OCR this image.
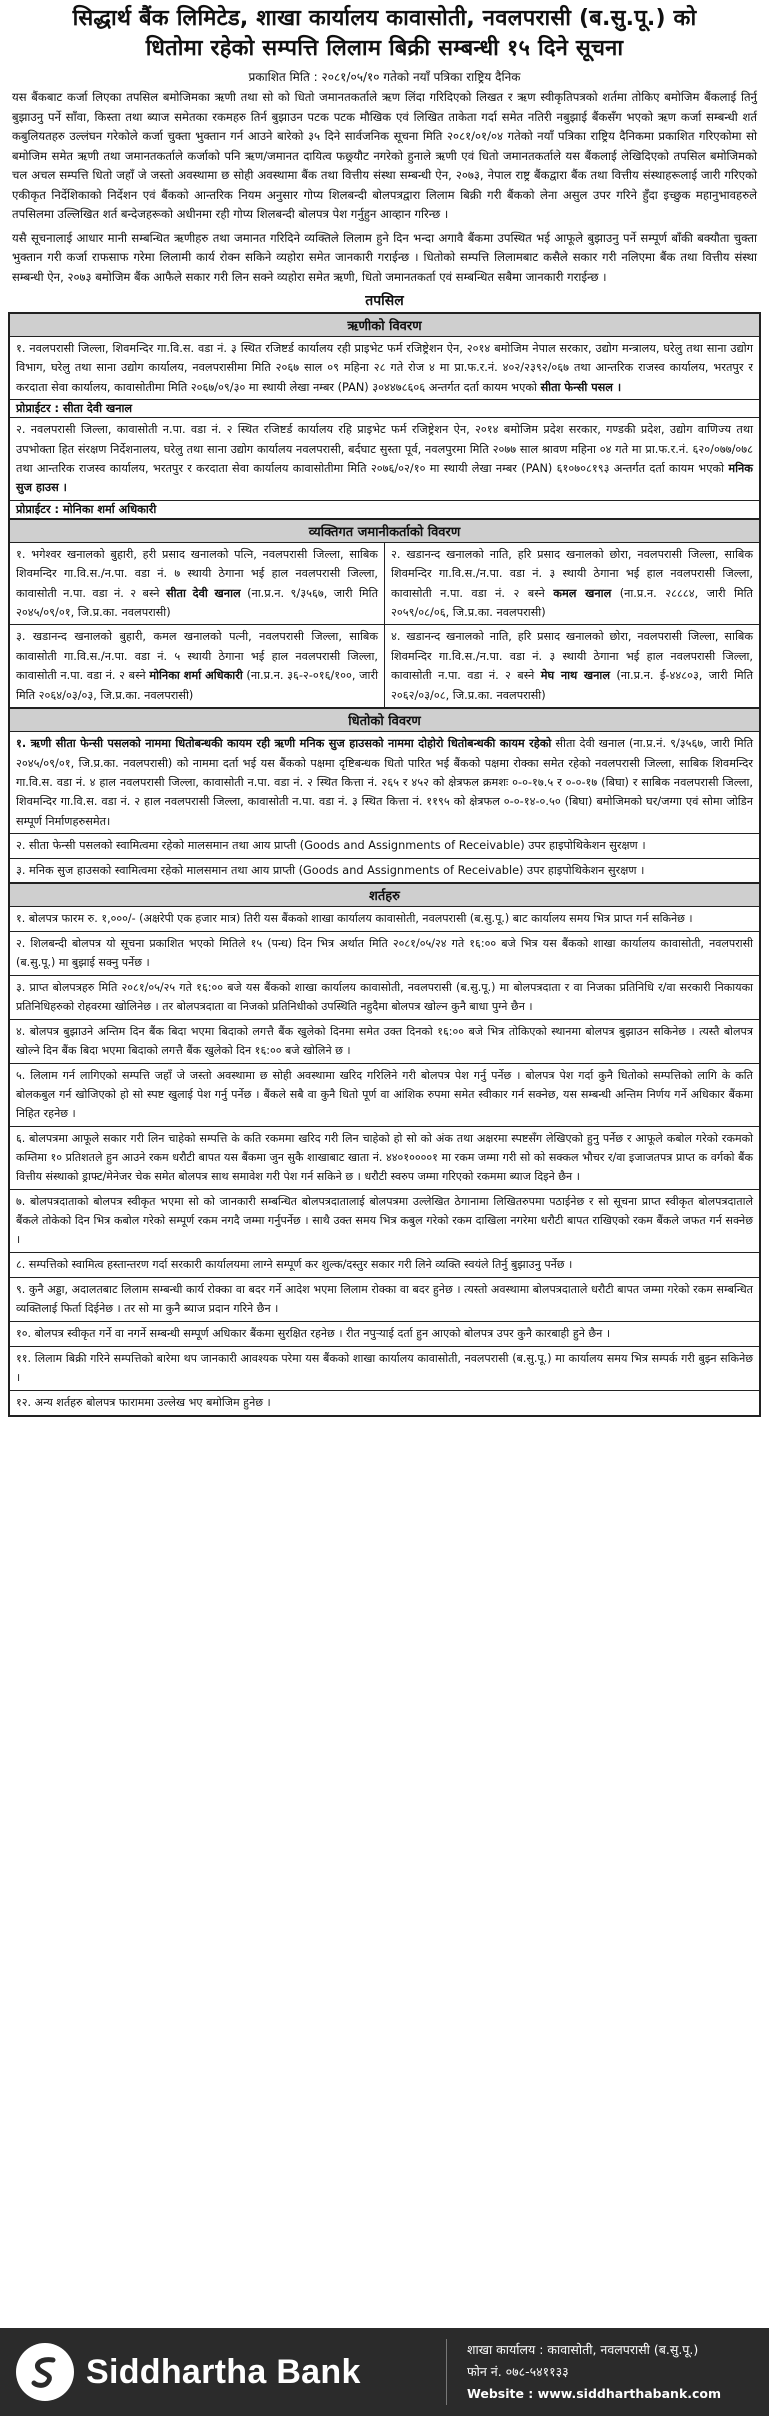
सिद्धार्थ बैंक लिमिटेड, शाखा कार्यालय कावासोती, नवलपरासी (ब.सु.पू.) को
धितोमा रहेको सम्पत्ति लिलाम बिक्री सम्बन्धी १५ दिने सूचना
प्रकाशित मिति : २०८१/०५/१० गतेको नयाँ पत्रिका राष्ट्रिय दैनिक

यस बैंकबाट कर्जा लिएका तपसिल बमोजिमका ऋणी तथा सो को धितो जमानतकर्ताले ऋण लिंदा गरिदिएको लिखत र ऋण स्वीकृतिपत्रको शर्तमा तोकिए बमोजिम बैंकलाई तिर्नु बुझाउनु पर्ने साँवा, किस्ता तथा ब्याज समेतका रकमहरु तिर्न बुझाउन पटक पटक मौखिक एवं लिखित ताकेता गर्दा समेत नतिरी नबुझाई बैंकसँग भएको ऋण कर्जा सम्बन्धी शर्त कबुलियतहरु उल्लंघन गरेकोले कर्जा चुक्ता भुक्तान गर्न आउने बारेको ३५ दिने सार्वजनिक सूचना मिति २०८१/०१/०४ गतेको नयाँ पत्रिका राष्ट्रिय दैनिकमा प्रकाशित गरिएकोमा सो बमोजिम समेत ऋणी तथा जमानतकर्ताले कर्जाको पनि ऋण/जमानत दायित्व फछ्र्यौट नगरेको हुनाले ऋणी एवं धितो जमानतकर्ताले यस बैंकलाई लेखिदिएको तपसिल बमोजिमको चल अचल सम्पत्ति धितो जहाँ जे जस्तो अवस्थामा छ सोही अवस्थामा बैंक तथा वित्तीय संस्था सम्बन्धी ऐन, २०७३, नेपाल राष्ट्र बैंकद्वारा बैंक तथा वित्तीय संस्थाहरूलाई जारी गरिएको एकीकृत निर्देशिकाको निर्देशन एवं बैंकको आन्तरिक नियम अनुसार गोप्य शिलबन्दी बोलपत्रद्वारा लिलाम बिक्री गरी बैंकको लेना असुल उपर गरिने हुँदा इच्छुक महानुभावहरुले तपसिलमा उल्लिखित शर्त बन्देजहरूको अधीनमा रही गोप्य शिलबन्दी बोलपत्र पेश गर्नुहुन आव्हान गरिन्छ ।

यसै सूचनालाई आधार मानी सम्बन्धित ऋणीहरु तथा जमानत गरिदिने व्यक्तिले लिलाम हुने दिन भन्दा अगावै बैंकमा उपस्थित भई आफूले बुझाउनु पर्ने सम्पूर्ण बाँकी बक्यौता चुक्ता भुक्तान गरी कर्जा राफसाफ गरेमा लिलामी कार्य रोक्न सकिने व्यहोरा समेत जानकारी गराईन्छ । धितोको सम्पत्ति लिलामबाट कसैले सकार गरी नलिएमा बैंक तथा वित्तीय संस्था सम्बन्धी ऐन, २०७३ बमोजिम बैंक आफैले सकार गरी लिन सक्ने व्यहोरा समेत ऋणी, धितो जमानतकर्ता एवं सम्बन्धित सबैमा जानकारी गराईन्छ ।

तपसिल
ऋणीको विवरण
१. नवलपरासी जिल्ला, शिवमन्दिर गा.वि.स. वडा नं. ३ स्थित रजिष्टर्ड कार्यालय रही प्राइभेट फर्म रजिष्ट्रेशन ऐन, २०१४ बमोजिम नेपाल सरकार, उद्योग मन्त्रालय, घरेलु तथा साना उद्योग विभाग, घरेलु तथा साना उद्योग कार्यालय, नवलपरासीमा मिति २०६७ साल ०९ महिना २८ गते रोज ४ मा प्रा.फ.र.नं. ४०२/२३९२/०६७ तथा आन्तरिक राजस्व कार्यालय, भरतपुर र करदाता सेवा कार्यालय, कावासोतीमा मिति २०६७/०९/३० मा स्थायी लेखा नम्बर (PAN) ३०४४७८६०६ अन्तर्गत दर्ता कायम भएको सीता फेन्सी पसल ।
प्रोप्राईटर : सीता देवी खनाल
२. नवलपरासी जिल्ला, कावासोती न.पा. वडा नं. २ स्थित रजिष्टर्ड कार्यालय रहि प्राइभेट फर्म रजिष्ट्रेशन ऐन, २०१४ बमोजिम प्रदेश सरकार, गण्डकी प्रदेश, उद्योग वाणिज्य तथा उपभोक्ता हित संरक्षण निर्देशनालय, घरेलु तथा साना उद्योग कार्यालय नवलपरासी, बर्दघाट सुस्ता पूर्व, नवलपुरमा मिति २०७७ साल श्रावण महिना ०४ गते मा प्रा.फ.र.नं. ६२०/०७७/०७८ तथा आन्तरिक राजस्व कार्यालय, भरतपुर र करदाता सेवा कार्यालय कावासोतीमा मिति २०७६/०२/१० मा स्थायी लेखा नम्बर (PAN) ६१०७०८१९३ अन्तर्गत दर्ता कायम भएको मनिक सुज हाउस ।
प्रोप्राईटर : मोनिका शर्मा अधिकारी
व्यक्तिगत जमानीकर्ताको विवरण
१. भगेश्वर खनालको बुहारी, हरी प्रसाद खनालको पत्नि, नवलपरासी जिल्ला, साबिक शिवमन्दिर गा.वि.स./न.पा. वडा नं. ७ स्थायी ठेगाना भई हाल नवलपरासी जिल्ला, कावासोती न.पा. वडा नं. २ बस्ने सीता देवी खनाल (ना.प्र.न. ९/३५६७, जारी मिति २०४५/०९/०१, जि.प्र.का. नवलपरासी)
२. खडानन्द खनालको नाति, हरि प्रसाद खनालको छोरा, नवलपरासी जिल्ला, साबिक शिवमन्दिर गा.वि.स./न.पा. वडा नं. ३ स्थायी ठेगाना भई हाल नवलपरासी जिल्ला, कावासोती न.पा. वडा नं. २ बस्ने कमल खनाल (ना.प्र.न. २८८८४, जारी मिति २०५९/०८/०६, जि.प्र.का. नवलपरासी)
३. खडानन्द खनालको बुहारी, कमल खनालको पत्नी, नवलपरासी जिल्ला, साबिक कावासोती गा.वि.स./न.पा. वडा नं. ५ स्थायी ठेगाना भई हाल नवलपरासी जिल्ला, कावासोती न.पा. वडा नं. २ बस्ने मोनिका शर्मा अधिकारी (ना.प्र.न. ३६-२-०१६/१००, जारी मिति २०६४/०३/०३, जि.प्र.का. नवलपरासी)
४. खडानन्द खनालको नाति, हरि प्रसाद खनालको छोरा, नवलपरासी जिल्ला, साबिक शिवमन्दिर गा.वि.स./न.पा. वडा नं. ३ स्थायी ठेगाना भई हाल नवलपरासी जिल्ला, कावासोती न.पा. वडा नं. २ बस्ने मेघ नाथ खनाल (ना.प्र.न. ई-४४८०३, जारी मिति २०६२/०३/०८, जि.प्र.का. नवलपरासी)
धितोको विवरण
१. ऋणी सीता फेन्सी पसलको नाममा धितोबन्धकी कायम रही ऋणी मनिक सुज हाउसको नाममा दोहोरो धितोबन्धकी कायम रहेको सीता देवी खनाल (ना.प्र.नं. ९/३५६७, जारी मिति २०४५/०९/०१, जि.प्र.का. नवलपरासी) को नाममा दर्ता भई यस बैंकको पक्षमा दृष्टिबन्धक धितो पारित भई बैंकको पक्षमा रोक्का समेत रहेको नवलपरासी जिल्ला, साबिक शिवमन्दिर गा.वि.स. वडा नं. ४ हाल नवलपरासी जिल्ला, कावासोती न.पा. वडा नं. २ स्थित कित्ता नं. २६५ र ४५२ को क्षेत्रफल क्रमशः ०-०-१७.५ र ०-०-१७ (बिघा) र साबिक नवलपरासी जिल्ला, शिवमन्दिर गा.वि.स. वडा नं. २ हाल नवलपरासी जिल्ला, कावासोती न.पा. वडा नं. ३ स्थित कित्ता नं. ११९५ को क्षेत्रफल ०-०-१४-०.५० (बिघा) बमोजिमको घर/जग्गा एवं सोमा जोडिन सम्पूर्ण निर्माणहरुसमेत।
२. सीता फेन्सी पसलको स्वामित्वमा रहेको मालसमान तथा आय प्राप्ती (Goods and Assignments of Receivable) उपर हाइपोथिकेशन सुरक्षण ।
३. मनिक सुज हाउसको स्वामित्वमा रहेको मालसमान तथा आय प्राप्ती (Goods and Assignments of Receivable) उपर हाइपोथिकेशन सुरक्षण ।
शर्तहरु
१. बोलपत्र फारम रु. १,०००/- (अक्षरेपी एक हजार मात्र) तिरी यस बैंकको शाखा कार्यालय कावासोती, नवलपरासी (ब.सु.पू.) बाट कार्यालय समय भित्र प्राप्त गर्न सकिनेछ ।
२. शिलबन्दी बोलपत्र यो सूचना प्रकाशित भएको मितिले १५ (पन्ध) दिन भित्र अर्थात मिति २०८१/०५/२४ गते १६:०० बजे भित्र यस बैंकको शाखा कार्यालय कावासोती, नवलपरासी (ब.सु.पू.) मा बुझाई सक्नु पर्नेछ ।
३. प्राप्त बोलपत्रहरु मिति २०८१/०५/२५ गते १६:०० बजे यस बैंकको शाखा कार्यालय कावासोती, नवलपरासी (ब.सु.पू.) मा बोलपत्रदाता र वा निजका प्रतिनिधि र/वा सरकारी निकायका प्रतिनिधिहरुको रोहवरमा खोलिनेछ । तर बोलपत्रदाता वा निजको प्रतिनिधीको उपस्थिति नहुदैमा बोलपत्र खोल्न कुनै बाधा पुग्ने छैन ।
४. बोलपत्र बुझाउने अन्तिम दिन बैंक बिदा भएमा बिदाको लगत्तै बैंक खुलेको दिनमा समेत उक्त दिनको १६:०० बजे भित्र तोकिएको स्थानमा बोलपत्र बुझाउन सकिनेछ । त्यस्तै बोलपत्र खोल्ने दिन बैंक बिदा भएमा बिदाको लगत्तै बैंक खुलेको दिन १६:०० बजे खोलिने छ ।
५. लिलाम गर्न लागिएको सम्पत्ति जहाँ जे जस्तो अवस्थामा छ सोही अवस्थामा खरिद गरिलिने गरी बोलपत्र पेश गर्नु पर्नेछ । बोलपत्र पेश गर्दा कुनै धितोको सम्पत्तिको लागि के कति बोलकबुल गर्न खोजिएको हो सो स्पष्ट खुलाई पेश गर्नु पर्नेछ । बैंकले सबै वा कुनै धितो पूर्ण वा आंशिक रुपमा समेत स्वीकार गर्न सक्नेछ, यस सम्बन्धी अन्तिम निर्णय गर्ने अधिकार बैंकमा निहित रहनेछ ।
६. बोलपत्रमा आफूले सकार गरी लिन चाहेको सम्पत्ति के कति रकममा खरिद गरी लिन चाहेको हो सो को अंक तथा अक्षरमा स्पष्टसँग लेखिएको हुनु पर्नेछ र आफूले कबोल गरेको रकमको कम्तिमा १० प्रतिशतले हुन आउने रकम धरौटी बापत यस बैंकमा जुन सुकै शाखाबाट खाता नं. ४४०१००००१ मा रकम जम्मा गरी सो को सक्कल भौचर र/वा इजाजतपत्र प्राप्त क वर्गको बैंक वित्तीय संस्थाको ड्राफ्ट/मेनेजर चेक समेत बोलपत्र साथ समावेश गरी पेश गर्न सकिने छ । धरौटी स्वरुप जम्मा गरिएको रकममा ब्याज दिइने छैन ।
७. बोलपत्रदाताको बोलपत्र स्वीकृत भएमा सो को जानकारी सम्बन्धित बोलपत्रदातालाई बोलपत्रमा उल्लेखित ठेगानामा लिखितरुपमा पठाईनेछ र सो सूचना प्राप्त स्वीकृत बोलपत्रदाताले बैंकले तोकेको दिन भित्र कबोल गरेको सम्पूर्ण रकम नगदै जम्मा गर्नुपर्नेछ । साथै उक्त समय भित्र कबुल गरेको रकम दाखिला नगरेमा धरौटी बापत राखिएको रकम बैंकले जफत गर्न सक्नेछ ।
८. सम्पत्तिको स्वामित्व हस्तान्तरण गर्दा सरकारी कार्यालयमा लाग्ने सम्पूर्ण कर शुल्क/दस्तुर सकार गरी लिने व्यक्ति स्वयंले तिर्नु बुझाउनु पर्नेछ ।
९. कुनै अड्डा, अदालतबाट लिलाम सम्बन्धी कार्य रोक्का वा बदर गर्ने आदेश भएमा लिलाम रोक्का वा बदर हुनेछ । त्यस्तो अवस्थामा बोलपत्रदाताले धरौटी बापत जम्मा गरेको रकम सम्बन्धित व्यक्तिलाई फिर्ता दिईनेछ । तर सो मा कुनै ब्याज प्रदान गरिने छैन ।
१०. बोलपत्र स्वीकृत गर्ने वा नगर्ने सम्बन्धी सम्पूर्ण अधिकार बैंकमा सुरक्षित रहनेछ । रीत नपुऱ्याई दर्ता हुन आएको बोलपत्र उपर कुनै कारबाही हुने छैन ।
११. लिलाम बिक्री गरिने सम्पत्तिको बारेमा थप जानकारी आवश्यक परेमा यस बैंकको शाखा कार्यालय कावासोती, नवलपरासी (ब.सु.पू.) मा कार्यालय समय भित्र सम्पर्क गरी बुझ्न सकिनेछ ।
१२. अन्य शर्तहरु बोलपत्र फाराममा उल्लेख भए बमोजिम हुनेछ ।
Siddhartha Bank
शाखा कार्यालय : कावासोती, नवलपरासी (ब.सु.पू.)
फोन नं. ०७८-५४११३३
Website : www.siddharthabank.com
